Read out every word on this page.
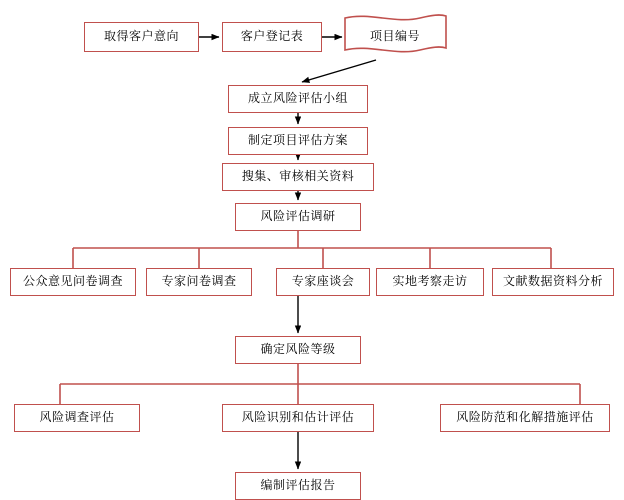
取得客户意向	客户登记表	项目编号
成立风险评估小组
制定项目评估方案
搜集、审核相关资料
风险评估调研
公众意见问卷调查	专家问卷调查	专家座谈会	实地考察走访	文献数据资料分析
确定风险等级
风险调查评估	风险识别和估计评估	风险防范和化解措施评估
编制评估报告
